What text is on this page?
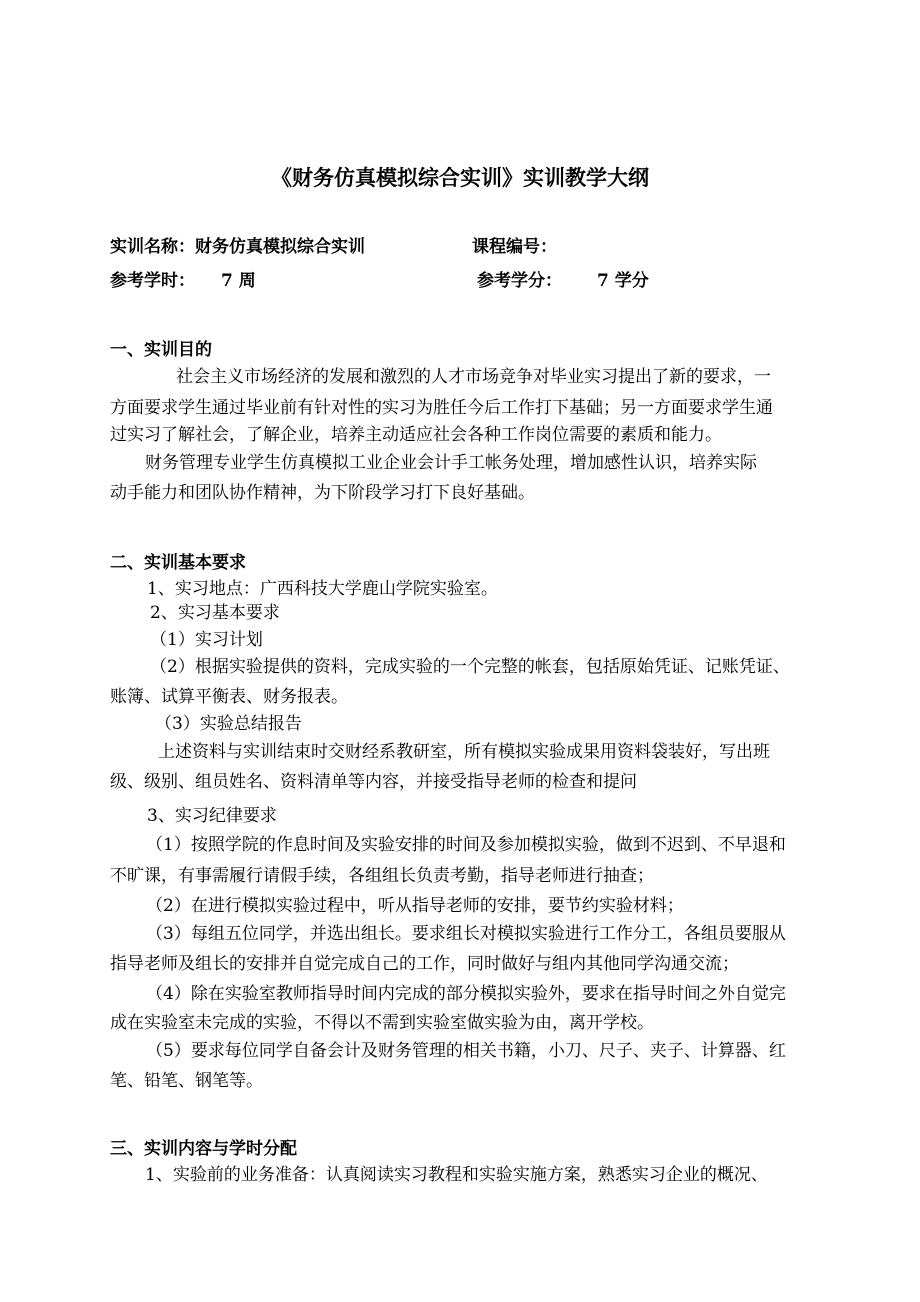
《财务仿真模拟综合实训》实训教学大纲
实训名称：财务仿真模拟综合实训	课程编号：
参考学时： 7 周	参考学分： 7 学分
一、实训目的
社会主义市场经济的发展和激烈的人才市场竞争对毕业实习提出了新的要求，一
方面要求学生通过毕业前有针对性的实习为胜任今后工作打下基础；另一方面要求学生通
过实习了解社会，了解企业，培养主动适应社会各种工作岗位需要的素质和能力。
财务管理专业学生仿真模拟工业企业会计手工帐务处理，增加感性认识，培养实际
动手能力和团队协作精神，为下阶段学习打下良好基础。
二、实训基本要求
1、实习地点：广西科技大学鹿山学院实验室。
2、实习基本要求
（1）实习计划
（2）根据实验提供的资料，完成实验的一个完整的帐套，包括原始凭证、记账凭证、
账簿、试算平衡表、财务报表。
（3）实验总结报告
上述资料与实训结束时交财经系教研室，所有模拟实验成果用资料袋装好，写出班
级、级别、组员姓名、资料清单等内容，并接受指导老师的检查和提问
3、实习纪律要求
（1）按照学院的作息时间及实验安排的时间及参加模拟实验，做到不迟到、不早退和
不旷课，有事需履行请假手续，各组组长负责考勤，指导老师进行抽查；
（2）在进行模拟实验过程中，听从指导老师的安排，要节约实验材料；
（3）每组五位同学，并选出组长。要求组长对模拟实验进行工作分工，各组员要服从
指导老师及组长的安排并自觉完成自己的工作，同时做好与组内其他同学沟通交流；
（4）除在实验室教师指导时间内完成的部分模拟实验外，要求在指导时间之外自觉完
成在实验室未完成的实验，不得以不需到实验室做实验为由，离开学校。
（5）要求每位同学自备会计及财务管理的相关书籍，小刀、尺子、夹子、计算器、红
笔、铅笔、钢笔等。
三、实训内容与学时分配
1、实验前的业务准备：认真阅读实习教程和实验实施方案，熟悉实习企业的概况、
